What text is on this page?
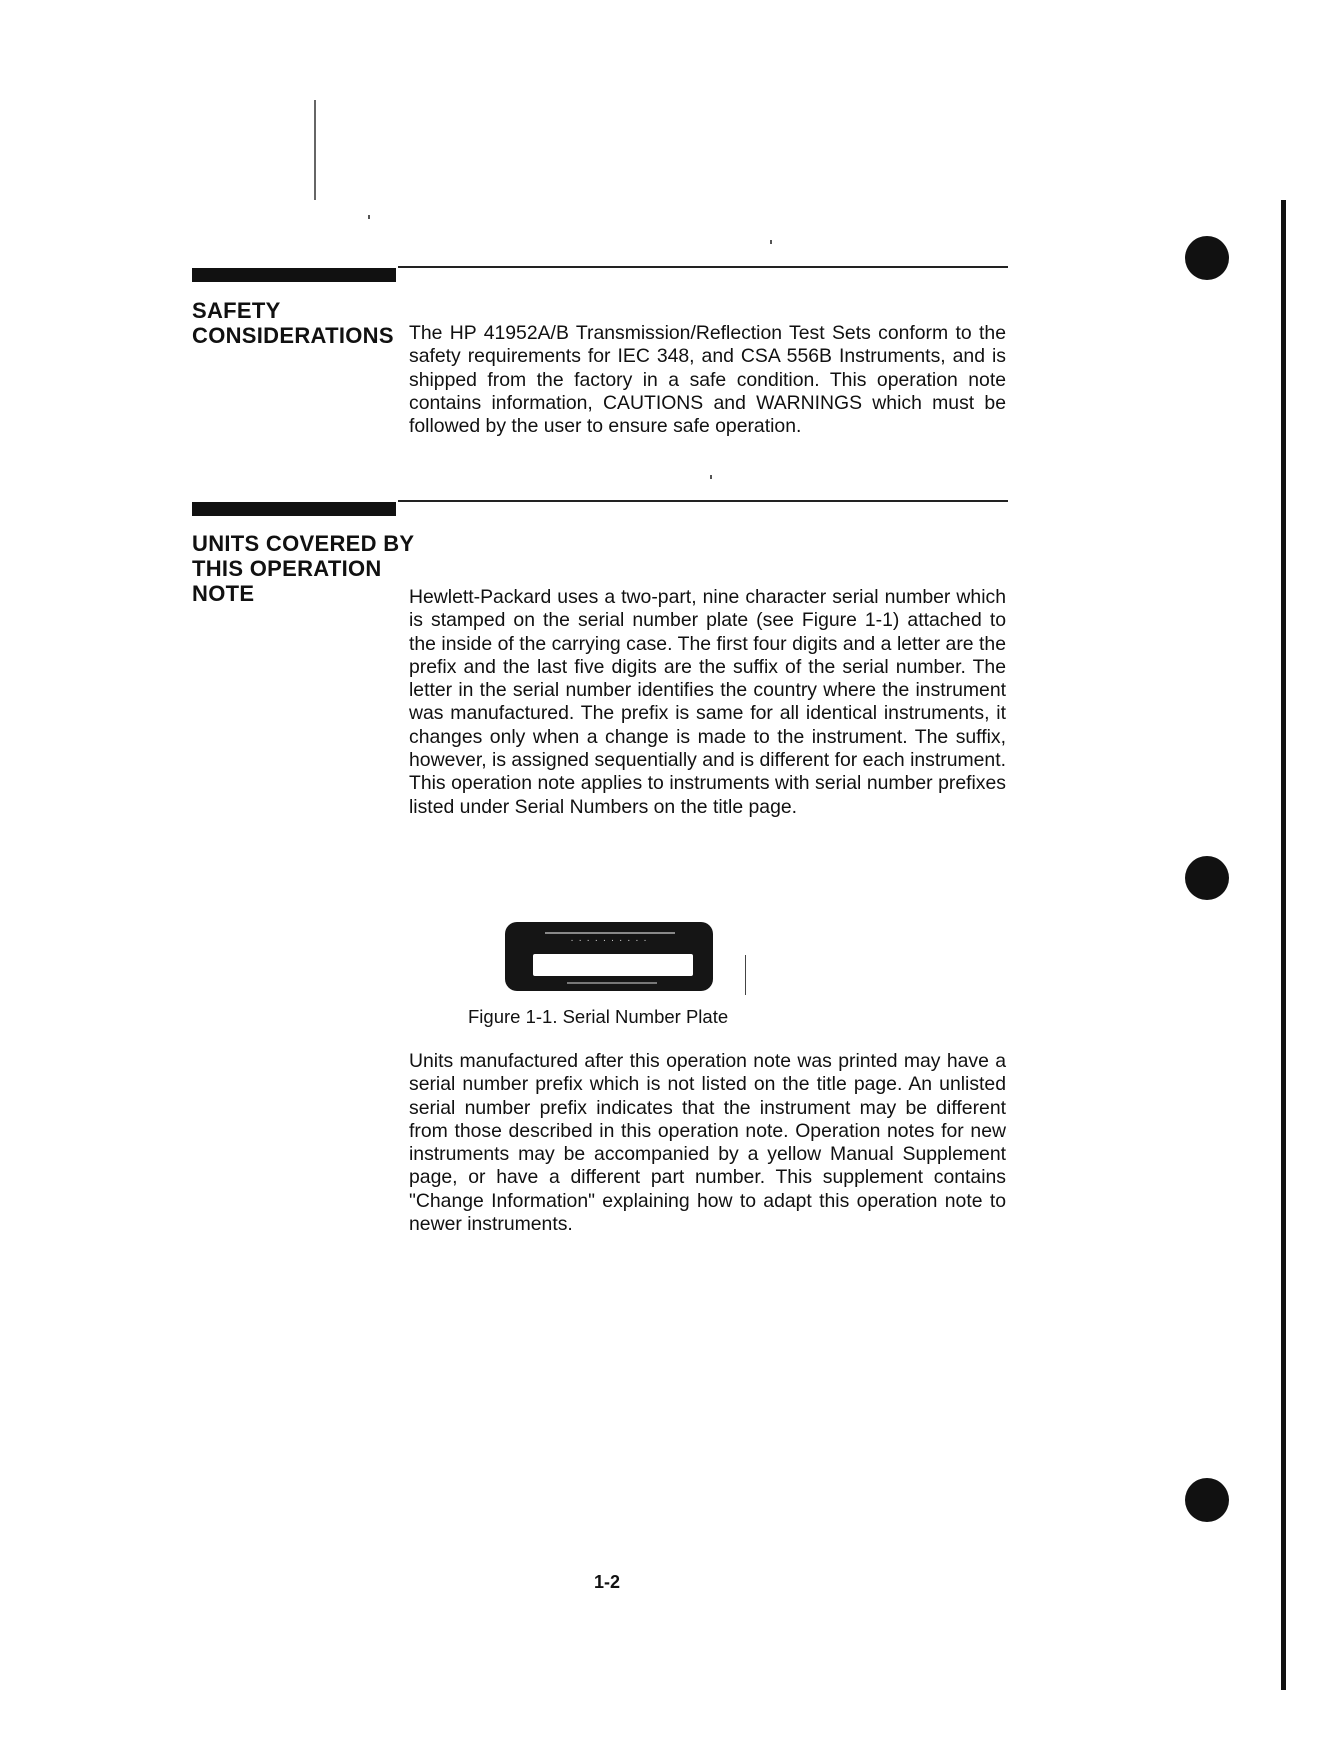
SAFETY
CONSIDERATIONS The HP 41952A/B Transmission/Reflection Test Sets conform to the safety requirements for IEC 348, and CSA 556B Instruments, and is shipped from the factory in a safe condition. This operation note contains information, CAUTIONS and WARNINGS which must be followed by the user to ensure safe operation.

UNITS COVERED BY
THIS OPERATION
NOTE	Hewlett-Packard uses a two-part, nine character serial number which is stamped on the serial number plate (see Figure 1-1) attached to the inside of the carrying case. The first four digits and a letter are the prefix and the last five digits are the suffix of the serial number. The letter in the serial number identifies the country where the instrument was manufactured. The prefix is same for all identical instruments, it changes only when a change is made to the instrument. The suffix, however, is assigned sequentially and is different for each instrument. This operation note applies to instruments with serial number prefixes listed under Serial Numbers on the title page.

· · · · · · · · · ·
Figure 1-1. Serial Number Plate

Units manufactured after this operation note was printed may have a serial number prefix which is not listed on the title page. An unlisted serial number prefix indicates that the instrument may be different from those described in this operation note. Operation notes for new instruments may be accompanied by a yellow Manual Supplement page, or have a different part number. This supplement contains "Change Information" explaining how to adapt this operation note to newer instruments.

1-2
